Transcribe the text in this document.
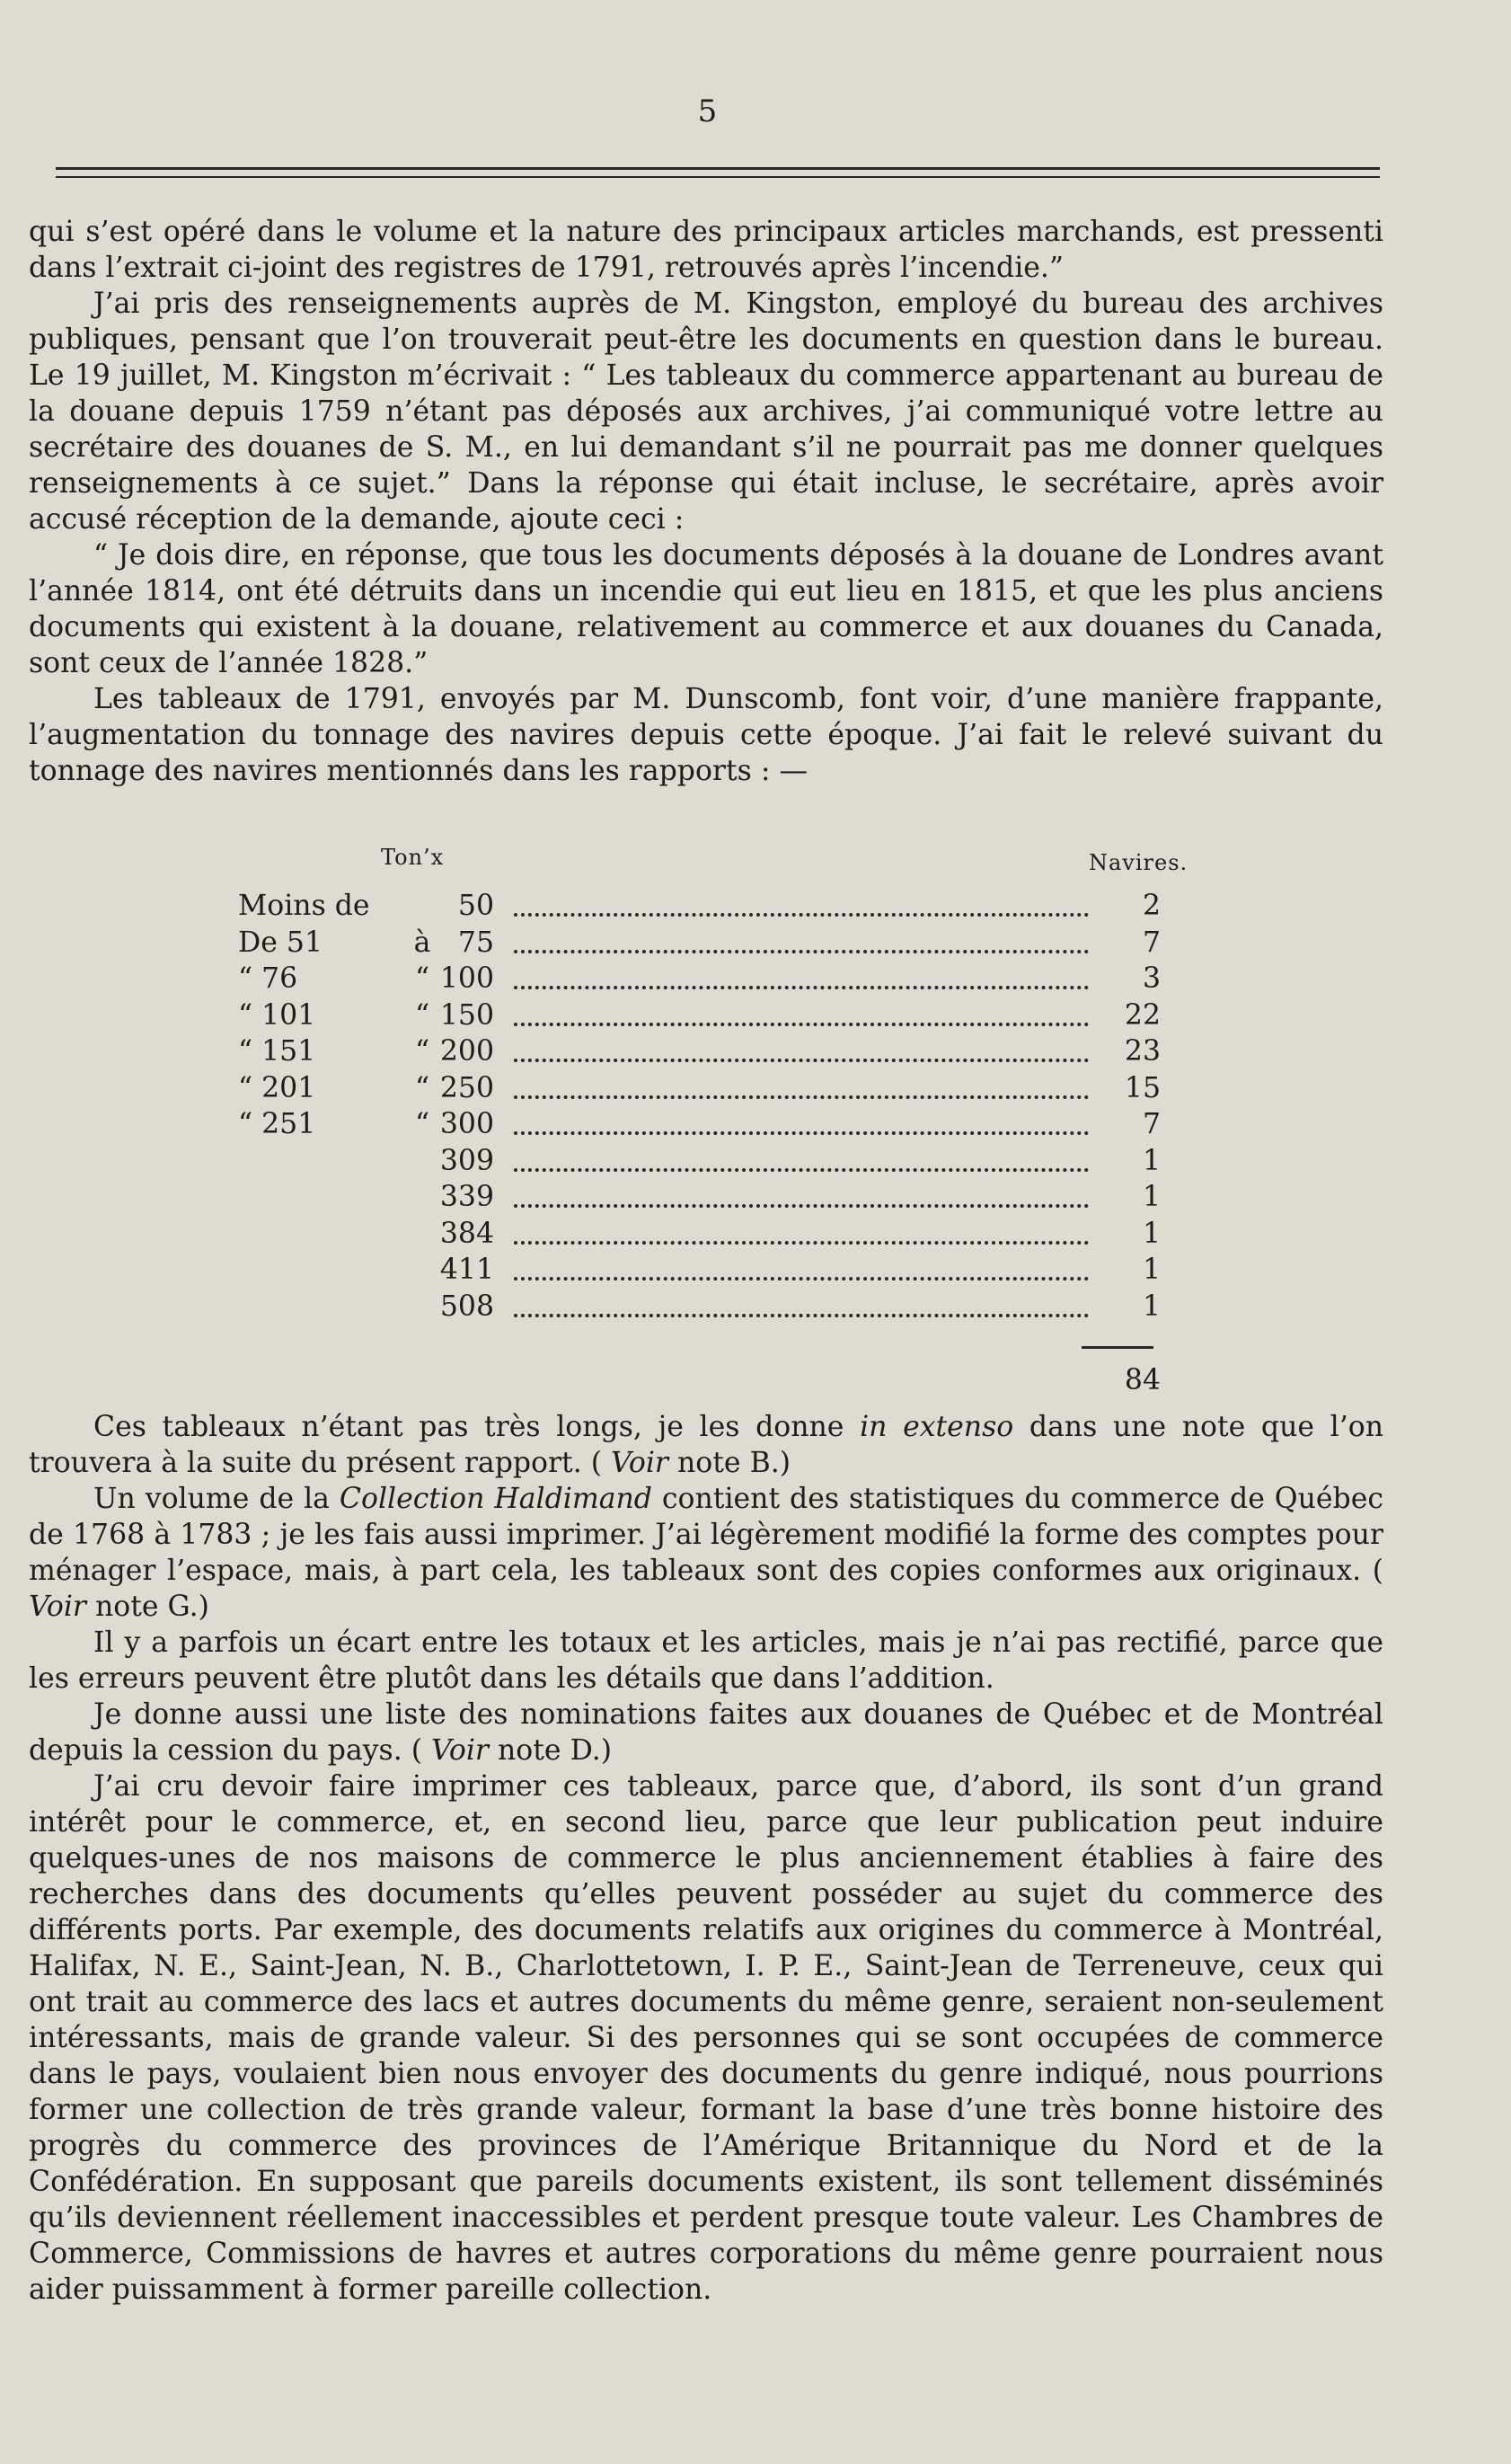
5

qui s’est opéré dans le volume et la nature des principaux articles marchands, est pressenti dans l’extrait ci-joint des registres de 1791, retrouvés après l’incendie.”

J’ai pris des renseignements auprès de M. Kingston, employé du bureau des archives publiques, pensant que l’on trouverait peut-être les documents en question dans le bureau. Le 19 juillet, M. Kingston m’écrivait : “ Les tableaux du commerce appartenant au bureau de la douane depuis 1759 n’étant pas déposés aux archives, j’ai communiqué votre lettre au secrétaire des douanes de S. M., en lui demandant s’il ne pourrait pas me donner quelques renseignements à ce sujet.” Dans la réponse qui était incluse, le secrétaire, après avoir accusé réception de la demande, ajoute ceci :

“ Je dois dire, en réponse, que tous les documents déposés à la douane de Londres avant l’année 1814, ont été détruits dans un incendie qui eut lieu en 1815, et que les plus anciens documents qui existent à la douane, relativement au commerce et aux douanes du Canada, sont ceux de l’année 1828.”

Les tableaux de 1791, envoyés par M. Dunscomb, font voir, d’une manière frappante, l’augmentation du tonnage des navires depuis cette époque. J’ai fait le relevé suivant du tonnage des navires mentionnés dans les rapports : —

Ton’x	Navires.
Moins de	50	2
De 51	à 75	7
“ 76	“ 100	3
“ 101	“ 150	22
“ 151	“ 200	23
“ 201	“ 250	15
“ 251	“ 300	7
309	1
339	1
384	1
411	1
508	1
84

Ces tableaux n’étant pas très longs, je les donne in extenso dans une note que l’on trouvera à la suite du présent rapport. ( Voir note B.)

Un volume de la Collection Haldimand contient des statistiques du commerce de Québec de 1768 à 1783 ; je les fais aussi imprimer. J’ai légèrement modifié la forme des comptes pour ménager l’espace, mais, à part cela, les tableaux sont des copies conformes aux originaux. ( Voir note G.)

Il y a parfois un écart entre les totaux et les articles, mais je n’ai pas rectifié, parce que les erreurs peuvent être plutôt dans les détails que dans l’addition.

Je donne aussi une liste des nominations faites aux douanes de Québec et de Montréal depuis la cession du pays. ( Voir note D.)

J’ai cru devoir faire imprimer ces tableaux, parce que, d’abord, ils sont d’un grand intérêt pour le commerce, et, en second lieu, parce que leur publication peut induire quelques-unes de nos maisons de commerce le plus anciennement établies à faire des recherches dans des documents qu’elles peuvent posséder au sujet du commerce des différents ports. Par exemple, des documents relatifs aux origines du commerce à Montréal, Halifax, N. E., Saint-Jean, N. B., Charlottetown, I. P. E., Saint-Jean de Terreneuve, ceux qui ont trait au commerce des lacs et autres documents du même genre, seraient non-seulement intéressants, mais de grande valeur. Si des personnes qui se sont occupées de commerce dans le pays, voulaient bien nous envoyer des documents du genre indiqué, nous pourrions former une collection de très grande valeur, formant la base d’une très bonne histoire des progrès du commerce des provinces de l’Amérique Britannique du Nord et de la Confédération. En supposant que pareils documents existent, ils sont tellement disséminés qu’ils deviennent réellement inaccessibles et perdent presque toute valeur. Les Chambres de Commerce, Commissions de havres et autres corporations du même genre pourraient nous aider puissamment à former pareille collection.
